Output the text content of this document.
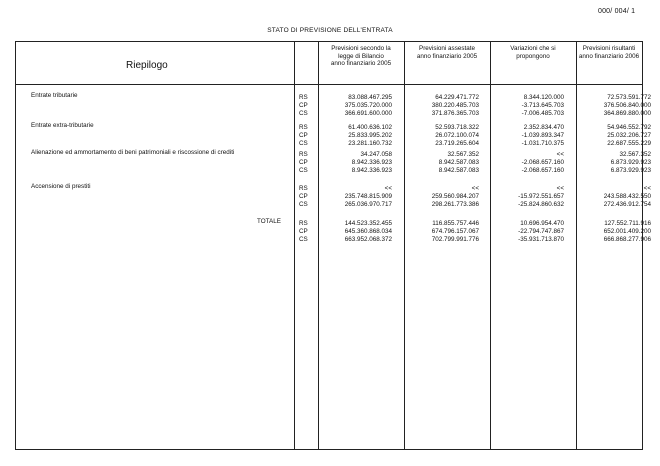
000/ 004/ 1
STATO DI PREVISIONE DELL'ENTRATA
Riepilogo
Previsioni secondo la
legge di Bilancio
anno finanziario 2005
Previsioni assestate
anno finanziario 2005
Variazioni che si
propongono
Previsioni risultanti
anno finanziario 2006
Entrate tributarie	RS	83.088.467.295	64.229.471.772	8.344.120.000	72.573.591.772
CP	375.035.720.000	380.220.485.703	-3.713.645.703	376.506.840.000
CS	366.691.600.000	371.876.365.703	-7.006.485.703	364.869.880.000
Entrate extra-tributarie	RS	61.400.636.102	52.593.718.322	2.352.834.470	54.946.552.792
CP	25.833.995.202	26.072.100.074	-1.039.893.347	25.032.206.727
CS	23.281.160.732	23.719.265.604	-1.031.710.375	22.687.555.229
Alienazione ed ammortamento di beni patrimoniali e riscossione di crediti	RS	34.247.058	32.567.352	<<	32.567.352
CP	8.942.336.923	8.942.587.083	-2.068.657.160	6.873.929.923
CS	8.942.336.923	8.942.587.083	-2.068.657.160	6.873.929.923
Accensione di prestiti	RS	<<	<<	<<	<<
CP	235.748.815.909	259.560.984.207	-15.972.551.657	243.588.432.550
CS	265.036.970.717	298.261.773.386	-25.824.860.632	272.436.912.754
TOTALE	RS	144.523.352.455	116.855.757.446	10.696.954.470	127.552.711.916
CP	645.360.868.034	674.796.157.067	-22.794.747.867	652.001.409.200
CS	663.952.068.372	702.799.991.776	-35.931.713.870	666.868.277.906
